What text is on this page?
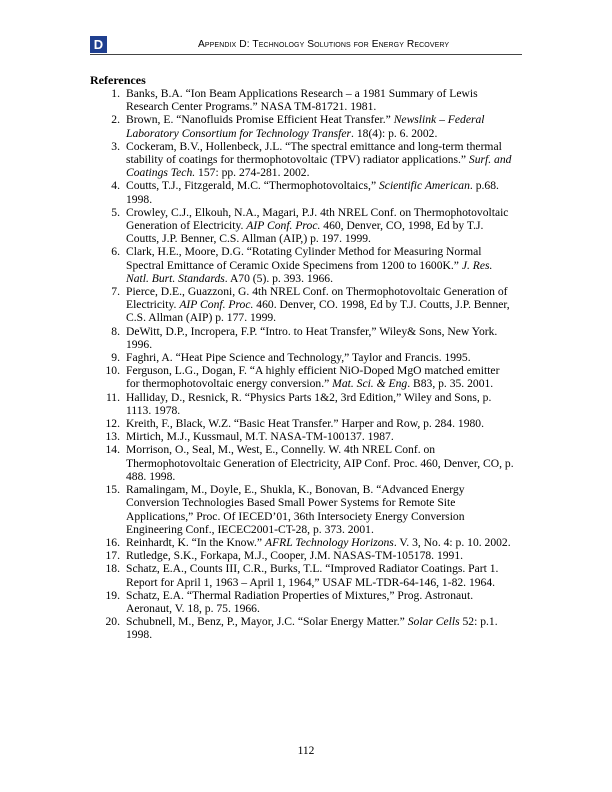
D	Appendix D: Technology Solutions for Energy Recovery
References
1. Banks, B.A. “Ion Beam Applications Research – a 1981 Summary of Lewis Research Center Programs.” NASA TM-81721. 1981.
2. Brown, E. “Nanofluids Promise Efficient Heat Transfer.” Newslink – Federal Laboratory Consortium for Technology Transfer. 18(4): p. 6. 2002.
3. Cockeram, B.V., Hollenbeck, J.L. “The spectral emittance and long-term thermal stability of coatings for thermophotovoltaic (TPV) radiator applications.” Surf. and Coatings Tech. 157: pp. 274-281. 2002.
4. Coutts, T.J., Fitzgerald, M.C. “Thermophotovoltaics,” Scientific American. p.68. 1998.
5. Crowley, C.J., Elkouh, N.A., Magari, P.J. 4th NREL Conf. on Thermophotovoltaic Generation of Electricity. AIP Conf. Proc. 460, Denver, CO, 1998, Ed by T.J. Coutts, J.P. Benner, C.S. Allman (AIP,) p. 197. 1999.
6. Clark, H.E., Moore, D.G. “Rotating Cylinder Method for Measuring Normal Spectral Emittance of Ceramic Oxide Specimens from 1200 to 1600K.” J. Res. Natl. Burt. Standards. A70 (5). p. 393. 1966.
7. Pierce, D.E., Guazzoni, G. 4th NREL Conf. on Thermophotovoltaic Generation of Electricity. AIP Conf. Proc. 460. Denver, CO. 1998, Ed by T.J. Coutts, J.P. Benner, C.S. Allman (AIP) p. 177. 1999.
8. DeWitt, D.P., Incropera, F.P. “Intro. to Heat Transfer,” Wiley& Sons, New York. 1996.
9. Faghri, A. “Heat Pipe Science and Technology,” Taylor and Francis. 1995.
10. Ferguson, L.G., Dogan, F. “A highly efficient NiO-Doped MgO matched emitter for thermophotovoltaic energy conversion.” Mat. Sci. & Eng. B83, p. 35. 2001.
11. Halliday, D., Resnick, R. “Physics Parts 1&2, 3rd Edition,” Wiley and Sons, p. 1113. 1978.
12. Kreith, F., Black, W.Z. “Basic Heat Transfer.” Harper and Row, p. 284. 1980.
13. Mirtich, M.J., Kussmaul, M.T. NASA-TM-100137. 1987.
14. Morrison, O., Seal, M., West, E., Connelly. W. 4th NREL Conf. on Thermophotovoltaic Generation of Electricity, AIP Conf. Proc. 460, Denver, CO, p. 488. 1998.
15. Ramalingam, M., Doyle, E., Shukla, K., Bonovan, B. “Advanced Energy Conversion Technologies Based Small Power Systems for Remote Site Applications,” Proc. Of IECED’01, 36th Intersociety Energy Conversion Engineering Conf., IECEC2001-CT-28, p. 373. 2001.
16. Reinhardt, K. “In the Know.” AFRL Technology Horizons. V. 3, No. 4: p. 10. 2002.
17. Rutledge, S.K., Forkapa, M.J., Cooper, J.M. NASAS-TM-105178. 1991.
18. Schatz, E.A., Counts III, C.R., Burks, T.L. “Improved Radiator Coatings. Part 1. Report for April 1, 1963 – April 1, 1964,” USAF ML-TDR-64-146, 1-82. 1964.
19. Schatz, E.A. “Thermal Radiation Properties of Mixtures,” Prog. Astronaut. Aeronaut, V. 18, p. 75. 1966.
20. Schubnell, M., Benz, P., Mayor, J.C. “Solar Energy Matter.” Solar Cells 52: p.1. 1998.
112
